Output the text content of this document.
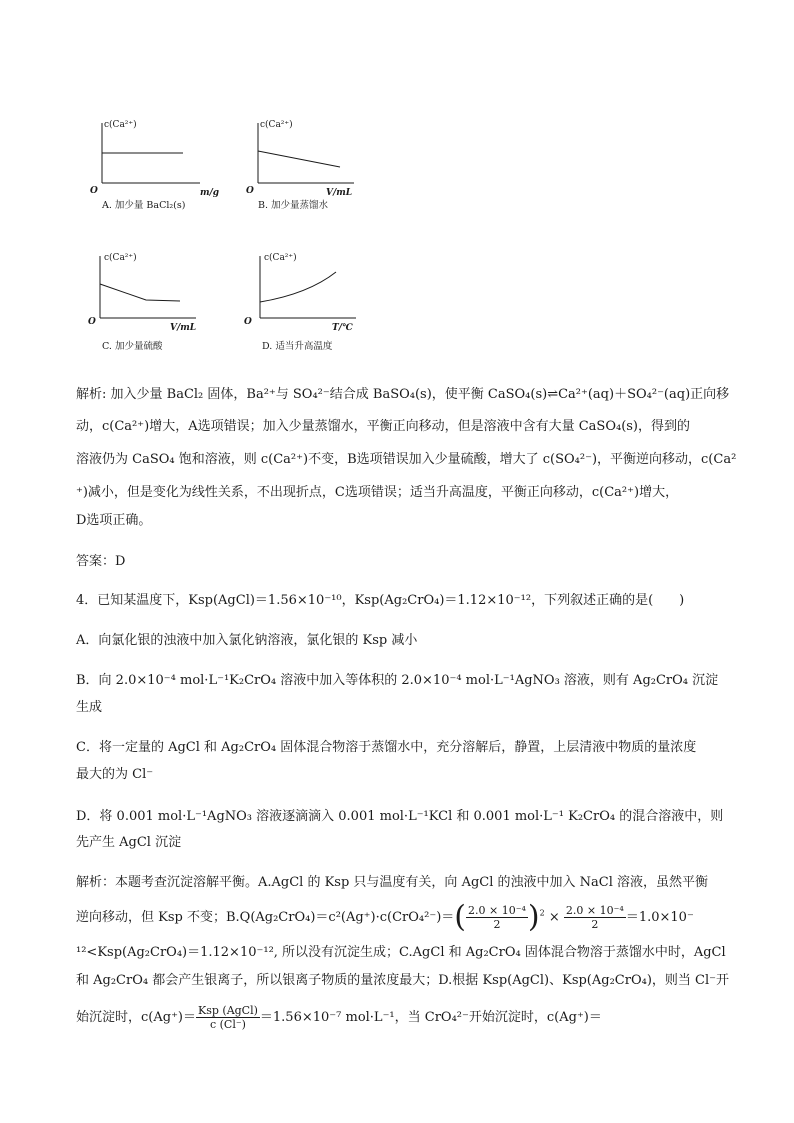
c(Ca²⁺)
O	m/g
A. 加少量 BaCl₂(s)
c(Ca²⁺)
O	V/mL
B. 加少量蒸馏水
c(Ca²⁺)
O
V/mL
C. 加少量硫酸
c(Ca²⁺)
O
T/℃
D. 适当升高温度
解析: 加入少量 BaCl₂ 固体，Ba²⁺与 SO₄²⁻结合成 BaSO₄(s)，使平衡 CaSO₄(s)⇌Ca²⁺(aq)＋SO₄²⁻(aq)正向移
动，c(Ca²⁺)增大，A选项错误；加入少量蒸馏水，平衡正向移动，但是溶液中含有大量 CaSO₄(s)，得到的
溶液仍为 CaSO₄ 饱和溶液，则 c(Ca²⁺)不变，B选项错误加入少量硫酸，增大了 c(SO₄²⁻)，平衡逆向移动，c(Ca²
⁺)减小，但是变化为线性关系，不出现折点，C选项错误；适当升高温度，平衡正向移动，c(Ca²⁺)增大，
D选项正确。
答案：D
4．已知某温度下，Ksp(AgCl)＝1.56×10⁻¹⁰，Ksp(Ag₂CrO₄)＝1.12×10⁻¹²，下列叙述正确的是(　　)
A．向氯化银的浊液中加入氯化钠溶液，氯化银的 Ksp 减小
B．向 2.0×10⁻⁴ mol·L⁻¹K₂CrO₄ 溶液中加入等体积的 2.0×10⁻⁴ mol·L⁻¹AgNO₃ 溶液，则有 Ag₂CrO₄ 沉淀
生成
C．将一定量的 AgCl 和 Ag₂CrO₄ 固体混合物溶于蒸馏水中，充分溶解后，静置，上层清液中物质的量浓度
最大的为 Cl⁻
D．将 0.001 mol·L⁻¹AgNO₃ 溶液逐滴滴入 0.001 mol·L⁻¹KCl 和 0.001 mol·L⁻¹ K₂CrO₄ 的混合溶液中，则
先产生 AgCl 沉淀
解析：本题考查沉淀溶解平衡。A.AgCl 的 Ksp 只与温度有关，向 AgCl 的浊液中加入 NaCl 溶液，虽然平衡
逆向移动，但 Ksp 不变；$B.Q(Ag_2CrO_4)=c^2(Ag^+)\cdot c(CrO_4^{2-})=( \frac{\text{2.0 × 10⁻⁴}}{2} )^2 \times \frac{\text{2.0 × 10⁻⁴}}{2} =1.0\times 10^-$
¹²<Ksp(Ag₂CrO₄)＝1.12×10⁻¹², 所以没有沉淀生成；C.AgCl 和 Ag₂CrO₄ 固体混合物溶于蒸馏水中时，AgCl
和 Ag₂CrO₄ 都会产生银离子，所以银离子物质的量浓度最大；D.根据 Ksp(AgCl)、Ksp(Ag₂CrO₄)，则当 Cl⁻开
始沉淀时，$c(Ag^+)= \frac{\text{Ksp (AgCl)}}{c (Cl^-)} =1.56\times 10^{-7}$ mol·L⁻¹，当 CrO₄²⁻开始沉淀时，c(Ag⁺)＝
